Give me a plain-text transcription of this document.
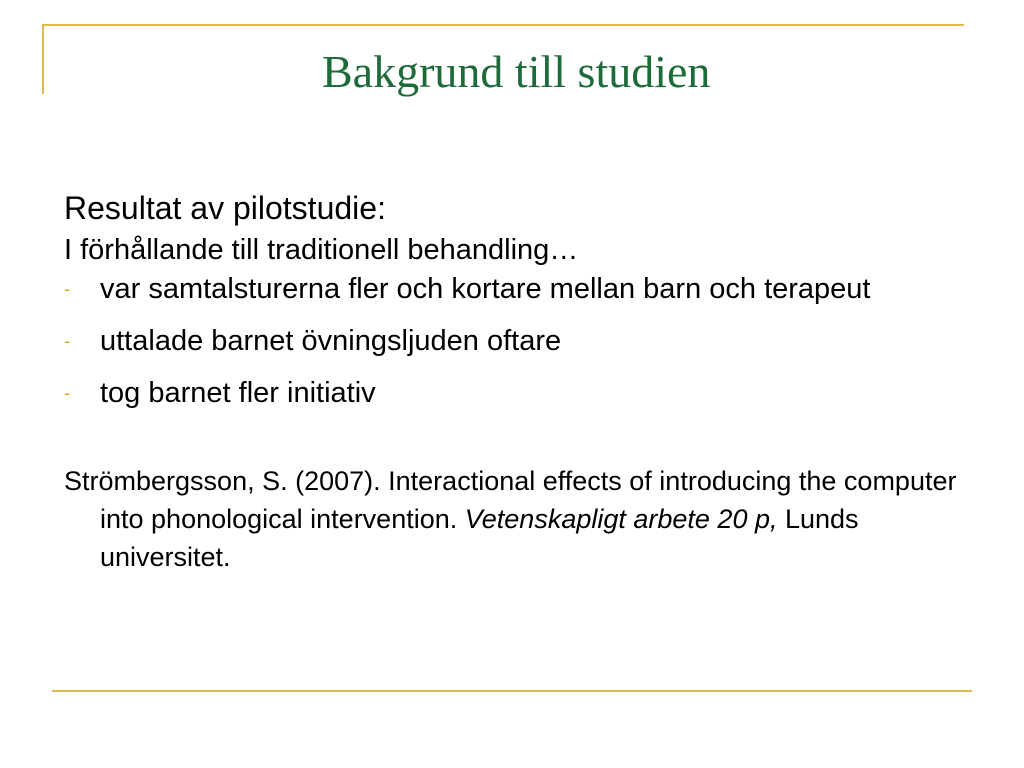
Bakgrund till studien

Resultat av pilotstudie:

I förhållande till traditionell behandling…

- var samtalsturerna fler och kortare mellan barn och terapeut
- uttalade barnet övningsljuden oftare
- tog barnet fler initiativ

Strömbergsson, S. (2007). Interactional effects of introducing the computer into phonological intervention. Vetenskapligt arbete 20 p, Lunds universitet.
